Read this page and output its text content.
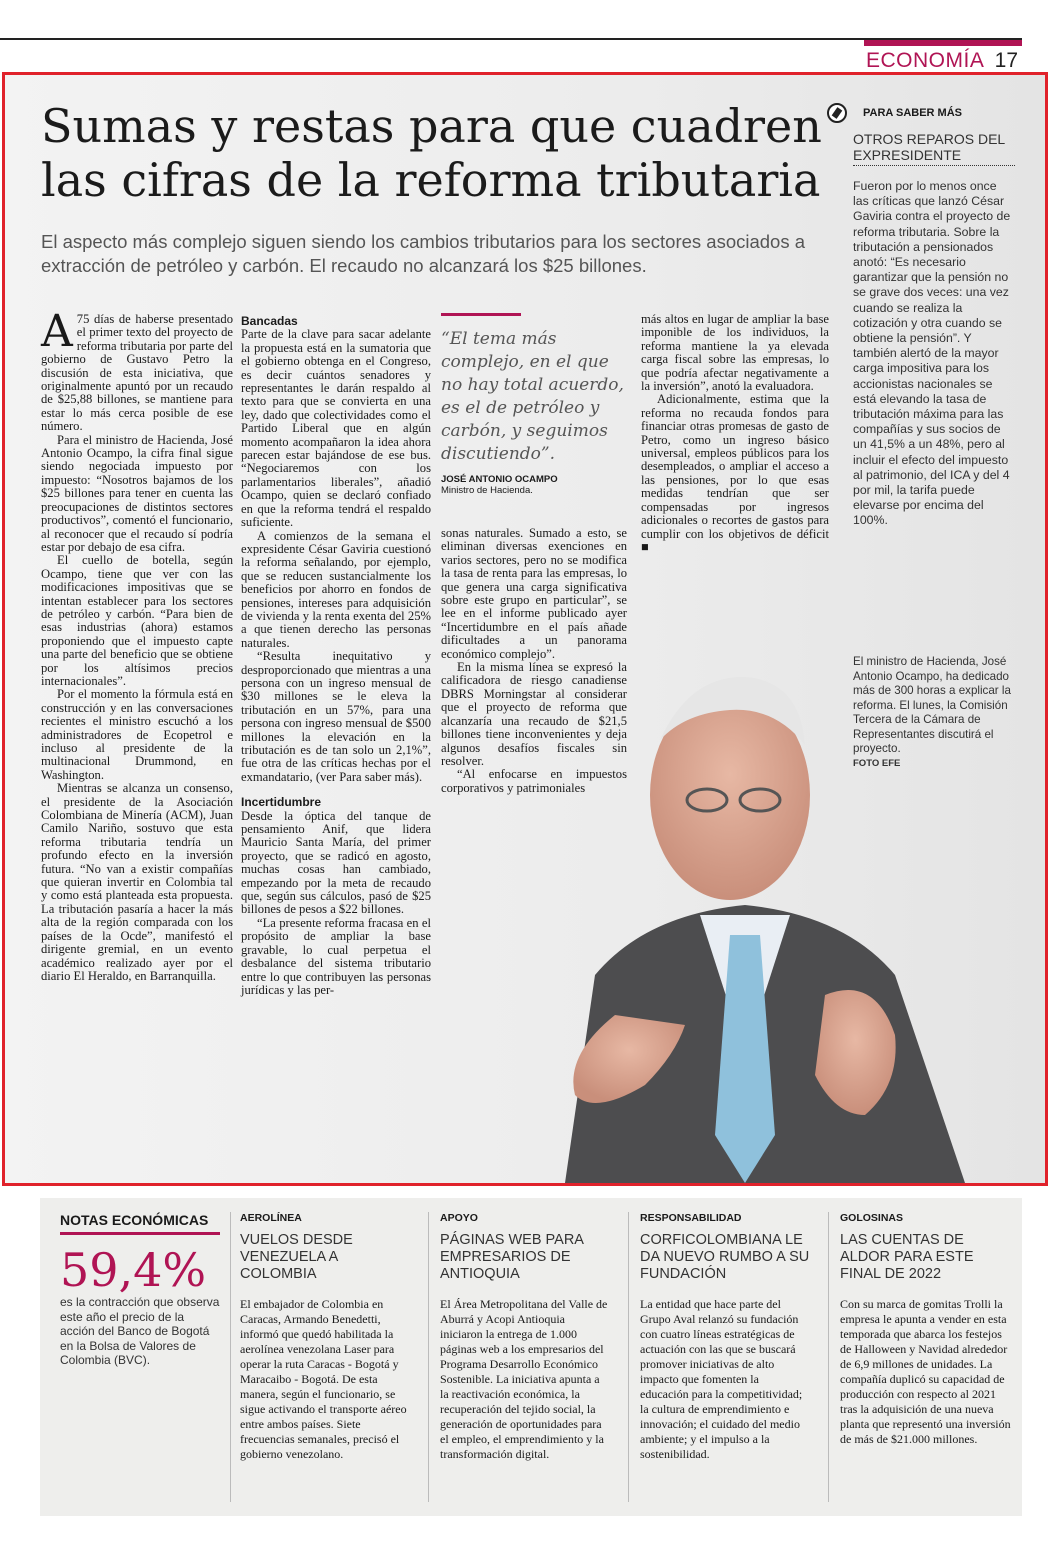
ECONOMÍA 17
Sumas y restas para que cuadren las cifras de la reforma tributaria

El aspecto más complejo siguen siendo los cambios tributarios para los sectores asociados a extracción de petróleo y carbón. El recaudo no alcanzará los $25 billones.

A 75 días de haberse presentado el primer texto del proyecto de reforma tributaria por parte del gobierno de Gustavo Petro la discusión de esta iniciativa, que originalmente apuntó por un recaudo de $25,88 billones, se mantiene para estar lo más cerca posible de ese número.

Para el ministro de Hacienda, José Antonio Ocampo, la cifra final sigue siendo negociada impuesto por impuesto: “Nosotros bajamos de los $25 billones para tener en cuenta las preocupaciones de distintos sectores productivos”, comentó el funcionario, al reconocer que el recaudo sí podría estar por debajo de esa cifra.

El cuello de botella, según Ocampo, tiene que ver con las modificaciones impositivas que se intentan establecer para los sectores de petróleo y carbón. “Para bien de esas industrias (ahora) estamos proponiendo que el impuesto capte una parte del beneficio que se obtiene por los altísimos precios internacionales”.

Por el momento la fórmula está en construcción y en las conversaciones recientes el ministro escuchó a los administradores de Ecopetrol e incluso al presidente de la multinacional Drummond, en Washington.

Mientras se alcanza un consenso, el presidente de la Asociación Colombiana de Minería (ACM), Juan Camilo Nariño, sostuvo que esta reforma tributaria tendría un profundo efecto en la inversión futura. “No van a existir compañías que quieran invertir en Colombia tal y como está planteada esta propuesta. La tributación pasaría a hacer la más alta de la región comparada con los países de la Ocde”, manifestó el dirigente gremial, en un evento académico realizado ayer por el diario El Heraldo, en Barranquilla.

Bancadas

Parte de la clave para sacar adelante la propuesta está en la sumatoria que el gobierno obtenga en el Congreso, es decir cuántos senadores y representantes le darán respaldo al texto para que se convierta en una ley, dado que colectividades como el Partido Liberal que en algún momento acompañaron la idea ahora parecen estar bajándose de ese bus. “Negociaremos con los parlamentarios liberales”, añadió Ocampo, quien se declaró confiado en que la reforma tendrá el respaldo suficiente.

A comienzos de la semana el expresidente César Gaviria cuestionó la reforma señalando, por ejemplo, que se reducen sustancialmente los beneficios por ahorro en fondos de pensiones, intereses para adquisición de vivienda y la renta exenta del 25% a que tienen derecho las personas naturales.

“Resulta inequitativo y desproporcionado que mientras a una persona con un ingreso mensual de $30 millones se le eleva la tributación en un 57%, para una persona con ingreso mensual de $500 millones la elevación en la tributación es de tan solo un 2,1%”, fue otra de las críticas hechas por el exmandatario, (ver Para saber más).

Incertidumbre

Desde la óptica del tanque de pensamiento Anif, que lidera Mauricio Santa María, del primer proyecto, que se radicó en agosto, muchas cosas han cambiado, empezando por la meta de recaudo que, según sus cálculos, pasó de $25 billones de pesos a $22 billones.

“La presente reforma fracasa en el propósito de ampliar la base gravable, lo cual perpetua el desbalance del sistema tributario entre lo que contribuyen las personas jurídicas y las per-

“El tema más complejo, en el que no hay total acuerdo, es el de petróleo y carbón, y seguimos discutiendo”.
JOSÉ ANTONIO OCAMPO
Ministro de Hacienda.

sonas naturales. Sumado a esto, se eliminan diversas exenciones en varios sectores, pero no se modifica la tasa de renta para las empresas, lo que genera una carga significativa sobre este grupo en particular”, se lee en el informe publicado ayer “Incertidumbre en el país añade dificultades a un panorama económico complejo”.

En la misma línea se expresó la calificadora de riesgo canadiense DBRS Morningstar al considerar que el proyecto de reforma que alcanzaría una recaudo de $21,5 billones tiene inconvenientes y deja algunos desafíos fiscales sin resolver.

“Al enfocarse en impuestos corporativos y patrimoniales

más altos en lugar de ampliar la base imponible de los individuos, la reforma mantiene la ya elevada carga fiscal sobre las empresas, lo que podría afectar negativamente a la inversión”, anotó la evaluadora.

Adicionalmente, estima que la reforma no recauda fondos para financiar otras promesas de gasto de Petro, como un ingreso básico universal, empleos públicos para los desempleados, o ampliar el acceso a las pensiones, por lo que esas medidas tendrían que ser compensadas por ingresos adicionales o recortes de gastos para cumplir con los objetivos de déficit ■

PARA SABER MÁS
OTROS REPAROS DEL EXPRESIDENTE
Fueron por lo menos once las críticas que lanzó César Gaviria contra el proyecto de reforma tributaria. Sobre la tributación a pensionados anotó: “Es necesario garantizar que la pensión no se grave dos veces: una vez cuando se realiza la cotización y otra cuando se obtiene la pensión”. Y también alertó de la mayor carga impositiva para los accionistas nacionales se está elevando la tasa de tributación máxima para las compañías y sus socios de un 41,5% a un 48%, pero al incluir el efecto del impuesto al patrimonio, del ICA y del 4 por mil, la tarifa puede elevarse por encima del 100%.
El ministro de Hacienda, José Antonio Ocampo, ha dedicado más de 300 horas a explicar la reforma. El lunes, la Comisión Tercera de la Cámara de Representantes discutirá el proyecto.
FOTO EFE
NOTAS ECONÓMICAS
59,4%
es la contracción que observa este año el precio de la acción del Banco de Bogotá en la Bolsa de Valores de Colombia (BVC).
AEROLÍNEA
VUELOS DESDE VENEZUELA A COLOMBIA
El embajador de Colombia en Caracas, Armando Benedetti, informó que quedó habilitada la aerolínea venezolana Laser para operar la ruta Caracas - Bogotá y Maracaibo - Bogotá. De esta manera, según el funcionario, se sigue activando el transporte aéreo entre ambos países. Siete frecuencias semanales, precisó el gobierno venezolano.
APOYO
PÁGINAS WEB PARA EMPRESARIOS DE ANTIOQUIA
El Área Metropolitana del Valle de Aburrá y Acopi Antioquia iniciaron la entrega de 1.000 páginas web a los empresarios del Programa Desarrollo Económico Sostenible. La iniciativa apunta a la reactivación económica, la recuperación del tejido social, la generación de oportunidades para el empleo, el emprendimiento y la transformación digital.
RESPONSABILIDAD
CORFICOLOMBIANA LE DA NUEVO RUMBO A SU FUNDACIÓN
La entidad que hace parte del Grupo Aval relanzó su fundación con cuatro líneas estratégicas de actuación con las que se buscará promover iniciativas de alto impacto que fomenten la educación para la competitividad; la cultura de emprendimiento e innovación; el cuidado del medio ambiente; y el impulso a la sostenibilidad.
GOLOSINAS
LAS CUENTAS DE ALDOR PARA ESTE FINAL DE 2022
Con su marca de gomitas Trolli la empresa le apunta a vender en esta temporada que abarca los festejos de Halloween y Navidad alrededor de 6,9 millones de unidades. La compañía duplicó su capacidad de producción con respecto al 2021 tras la adquisición de una nueva planta que representó una inversión de más de $21.000 millones.
